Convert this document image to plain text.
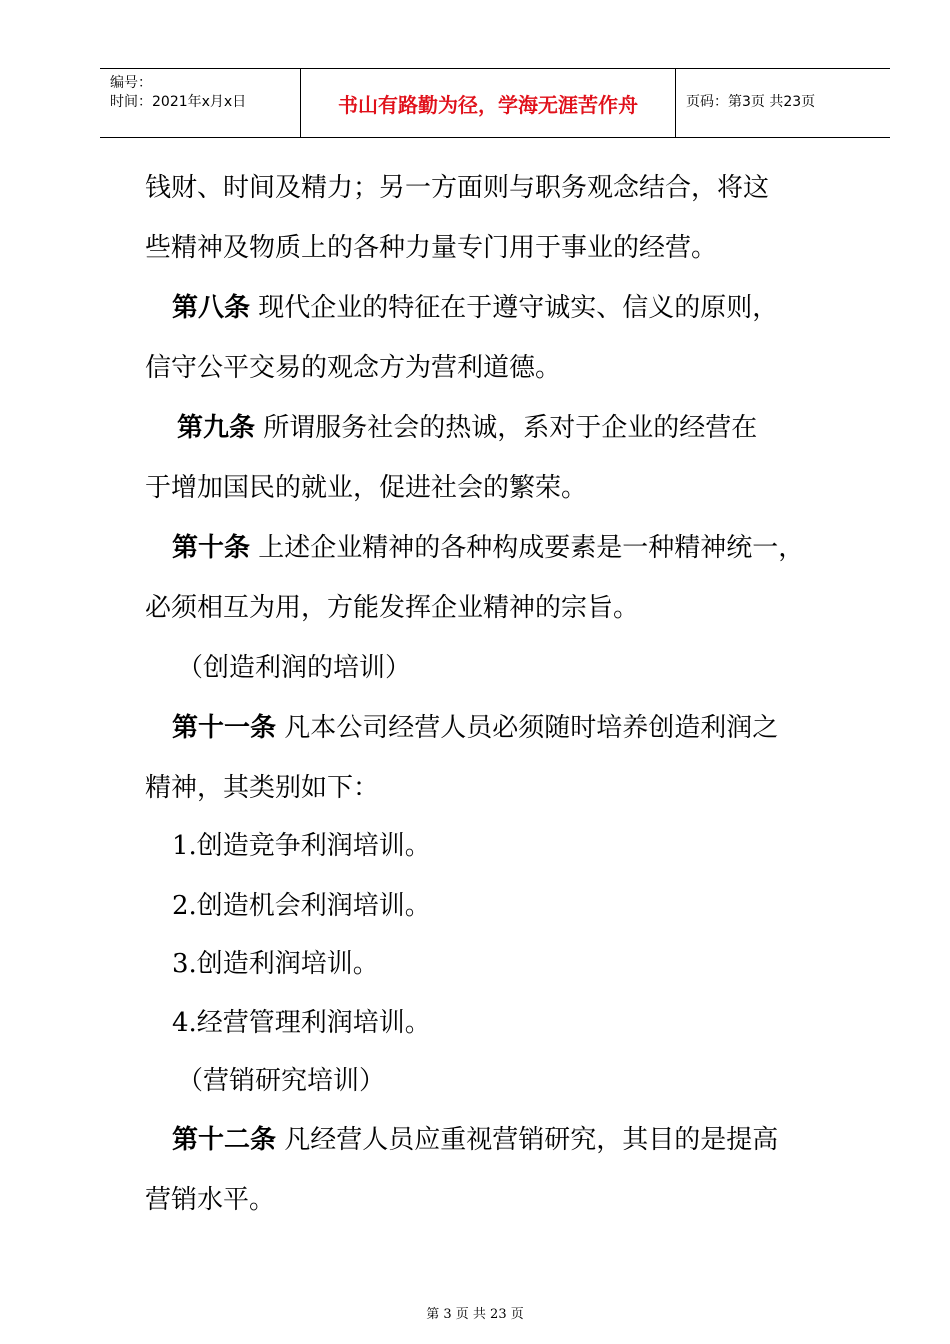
编号：
时间：2021年x月x日	书山有路勤为径，学海无涯苦作舟	页码：第3页 共23页
钱财、时间及精力；另一方面则与职务观念结合，将这
些精神及物质上的各种力量专门用于事业的经营。
第八条 现代企业的特征在于遵守诚实、信义的原则，
信守公平交易的观念方为营利道德。
第九条 所谓服务社会的热诚，系对于企业的经营在
于增加国民的就业，促进社会的繁荣。
第十条 上述企业精神的各种构成要素是一种精神统一，
必须相互为用，方能发挥企业精神的宗旨。
（创造利润的培训）
第十一条 凡本公司经营人员必须随时培养创造利润之
精神，其类别如下：
1.创造竞争利润培训。
2.创造机会利润培训。
3.创造利润培训。
4.经营管理利润培训。
（营销研究培训）
第十二条 凡经营人员应重视营销研究，其目的是提高
营销水平。
第 3 页 共 23 页
